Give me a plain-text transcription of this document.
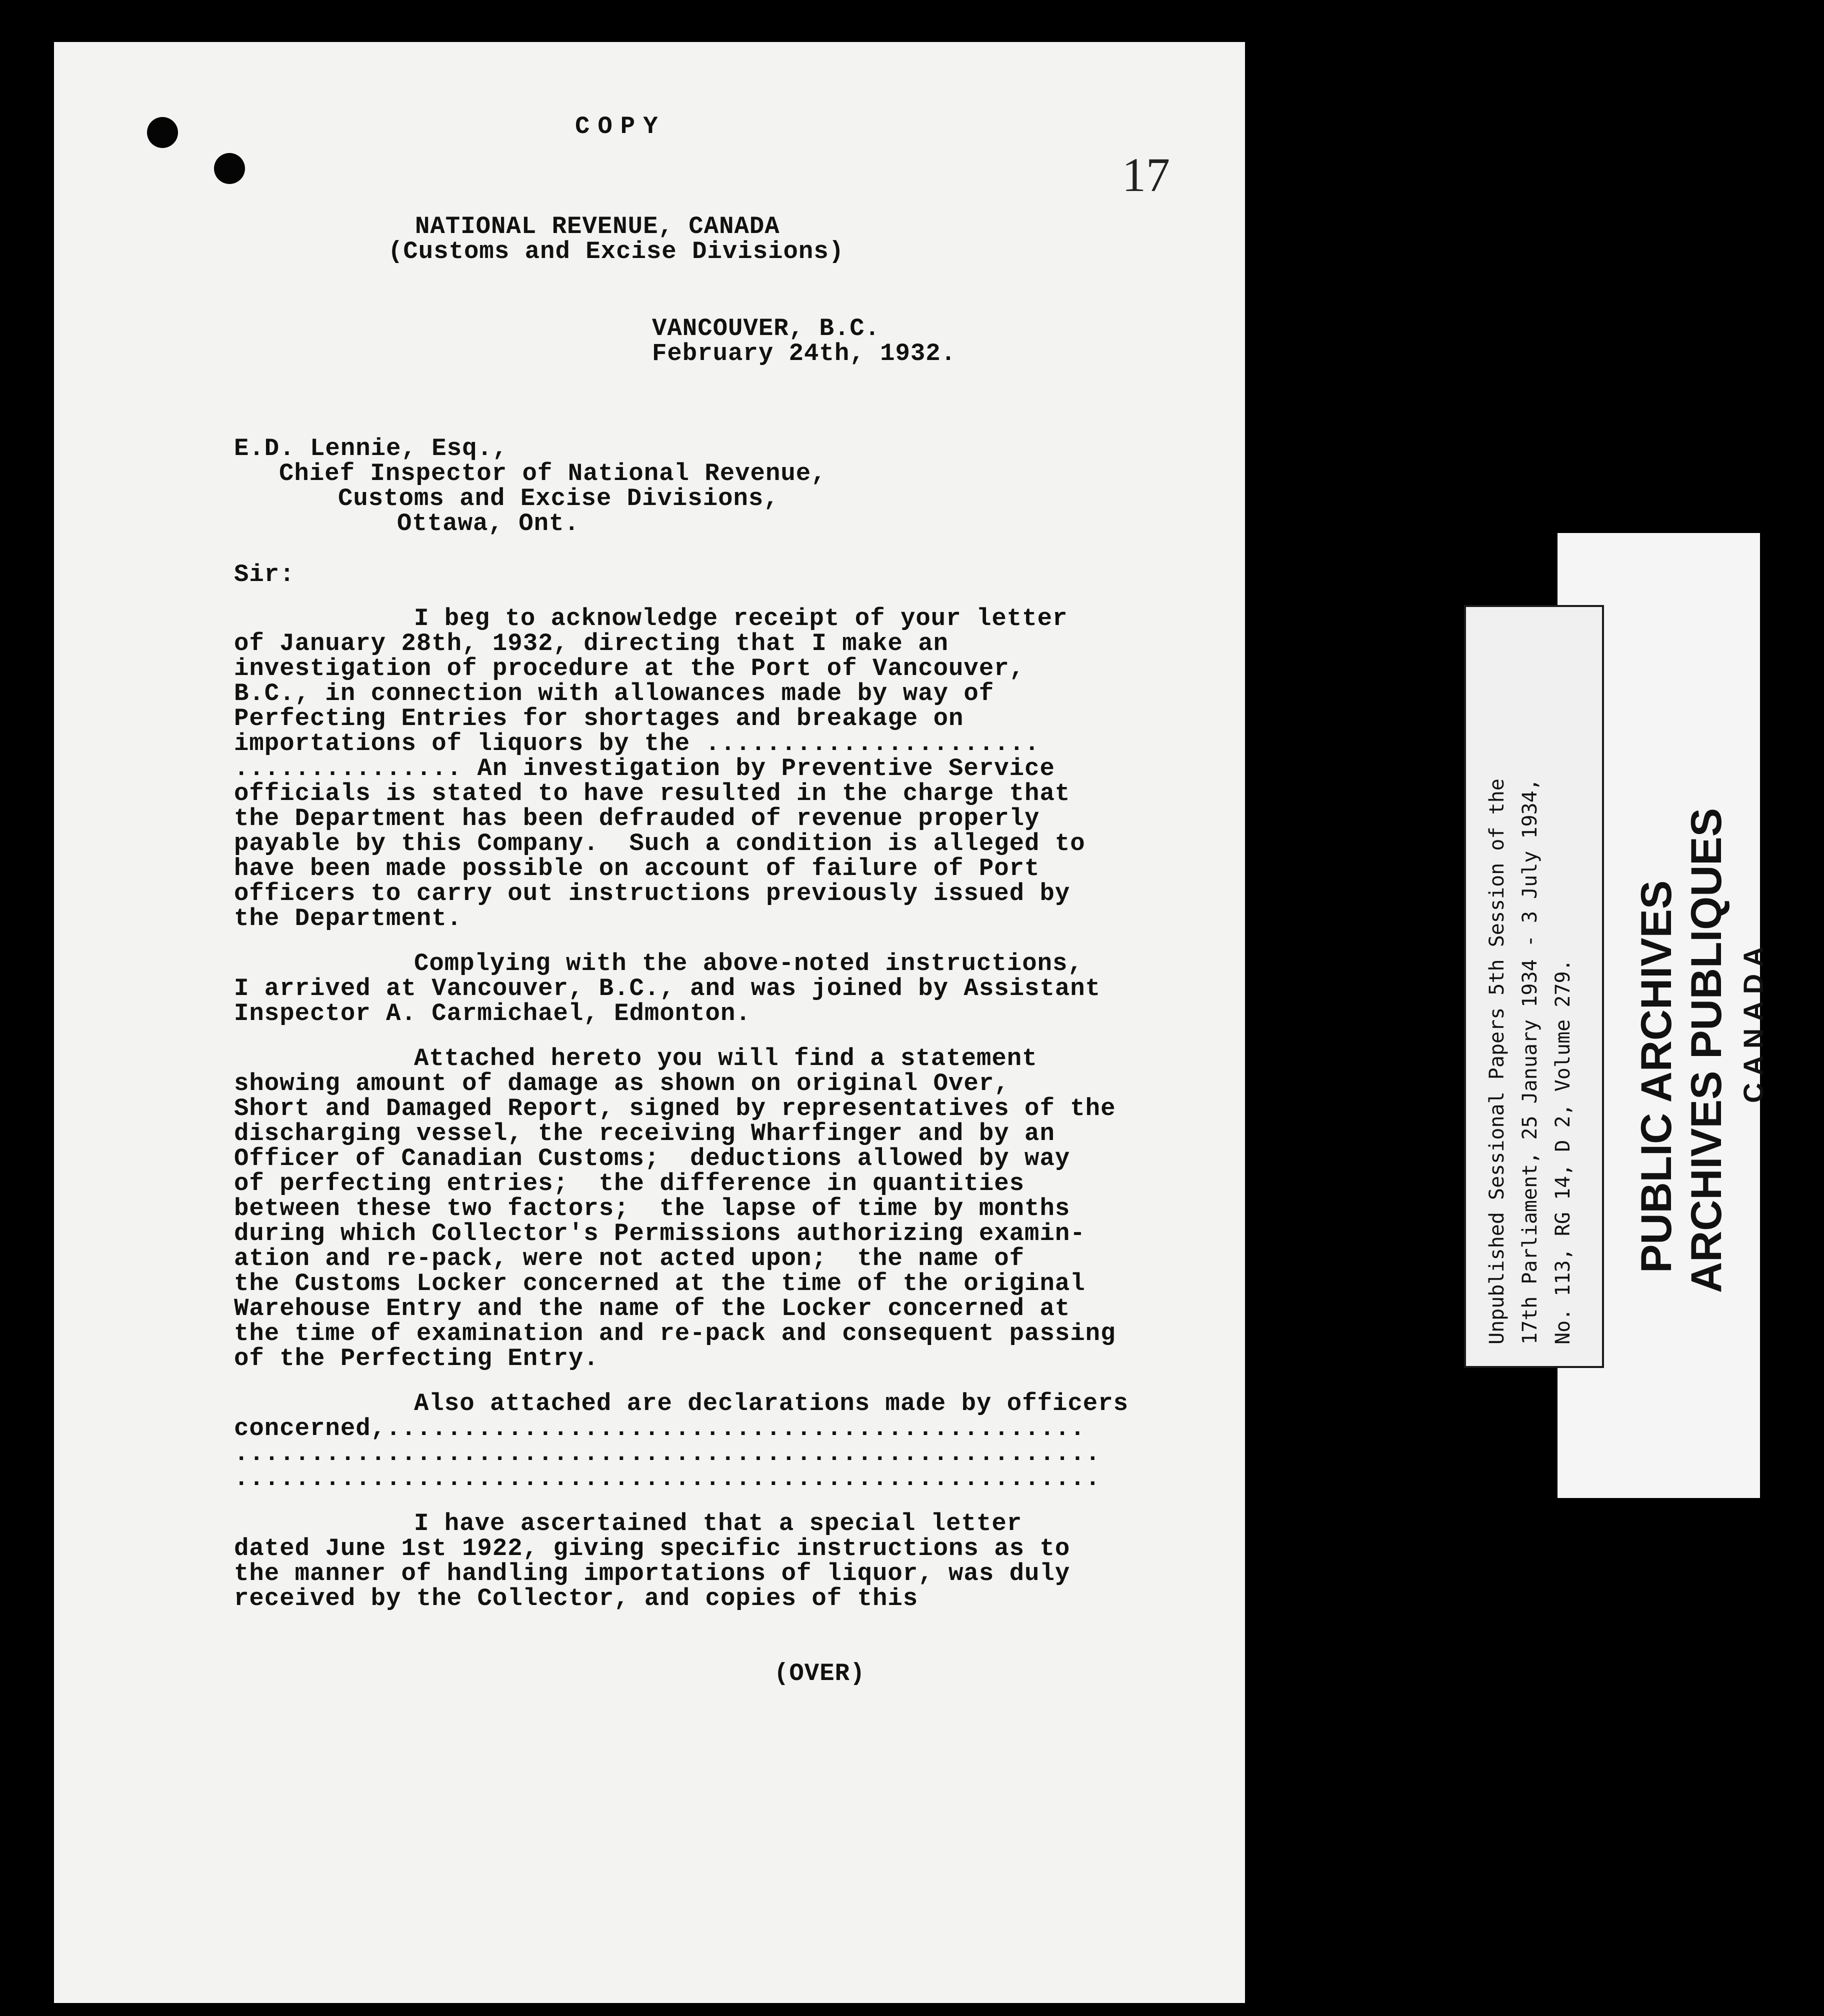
17
COPY
NATIONAL REVENUE, CANADA
(Customs and Excise Divisions)
VANCOUVER, B.C.
February 24th, 1932.
E.D. Lennie, Esq.,
Chief Inspector of National Revenue,
Customs and Excise Divisions,
Ottawa, Ont.
Sir:
I beg to acknowledge receipt of your letter
of January 28th, 1932, directing that I make an
investigation of procedure at the Port of Vancouver,
B.C., in connection with allowances made by way of
Perfecting Entries for shortages and breakage on
importations of liquors by the ......................
............... An investigation by Preventive Service
officials is stated to have resulted in the charge that
the Department has been defrauded of revenue properly
payable by this Company.  Such a condition is alleged to
have been made possible on account of failure of Port
officers to carry out instructions previously issued by
the Department.
Complying with the above-noted instructions,
I arrived at Vancouver, B.C., and was joined by Assistant
Inspector A. Carmichael, Edmonton.
Attached hereto you will find a statement
showing amount of damage as shown on original Over,
Short and Damaged Report, signed by representatives of the
discharging vessel, the receiving Wharfinger and by an
Officer of Canadian Customs;  deductions allowed by way
of perfecting entries;  the difference in quantities
between these two factors;  the lapse of time by months
during which Collector's Permissions authorizing examin-
ation and re-pack, were not acted upon;  the name of
the Customs Locker concerned at the time of the original
Warehouse Entry and the name of the Locker concerned at
the time of examination and re-pack and consequent passing
of the Perfecting Entry.
Also attached are declarations made by officers
concerned,..............................................
.........................................................
.........................................................
I have ascertained that a special letter
dated June 1st 1922, giving specific instructions as to
the manner of handling importations of liquor, was duly
received by the Collector, and copies of this
(OVER)
PUBLIC ARCHIVES ARCHIVES PUBLIQUES CANADA
Unpublished Sessional Papers 5th Session of the 17th Parliament, 25 January 1934 - 3 July 1934, No. 113, RG 14, D 2, Volume 279.
